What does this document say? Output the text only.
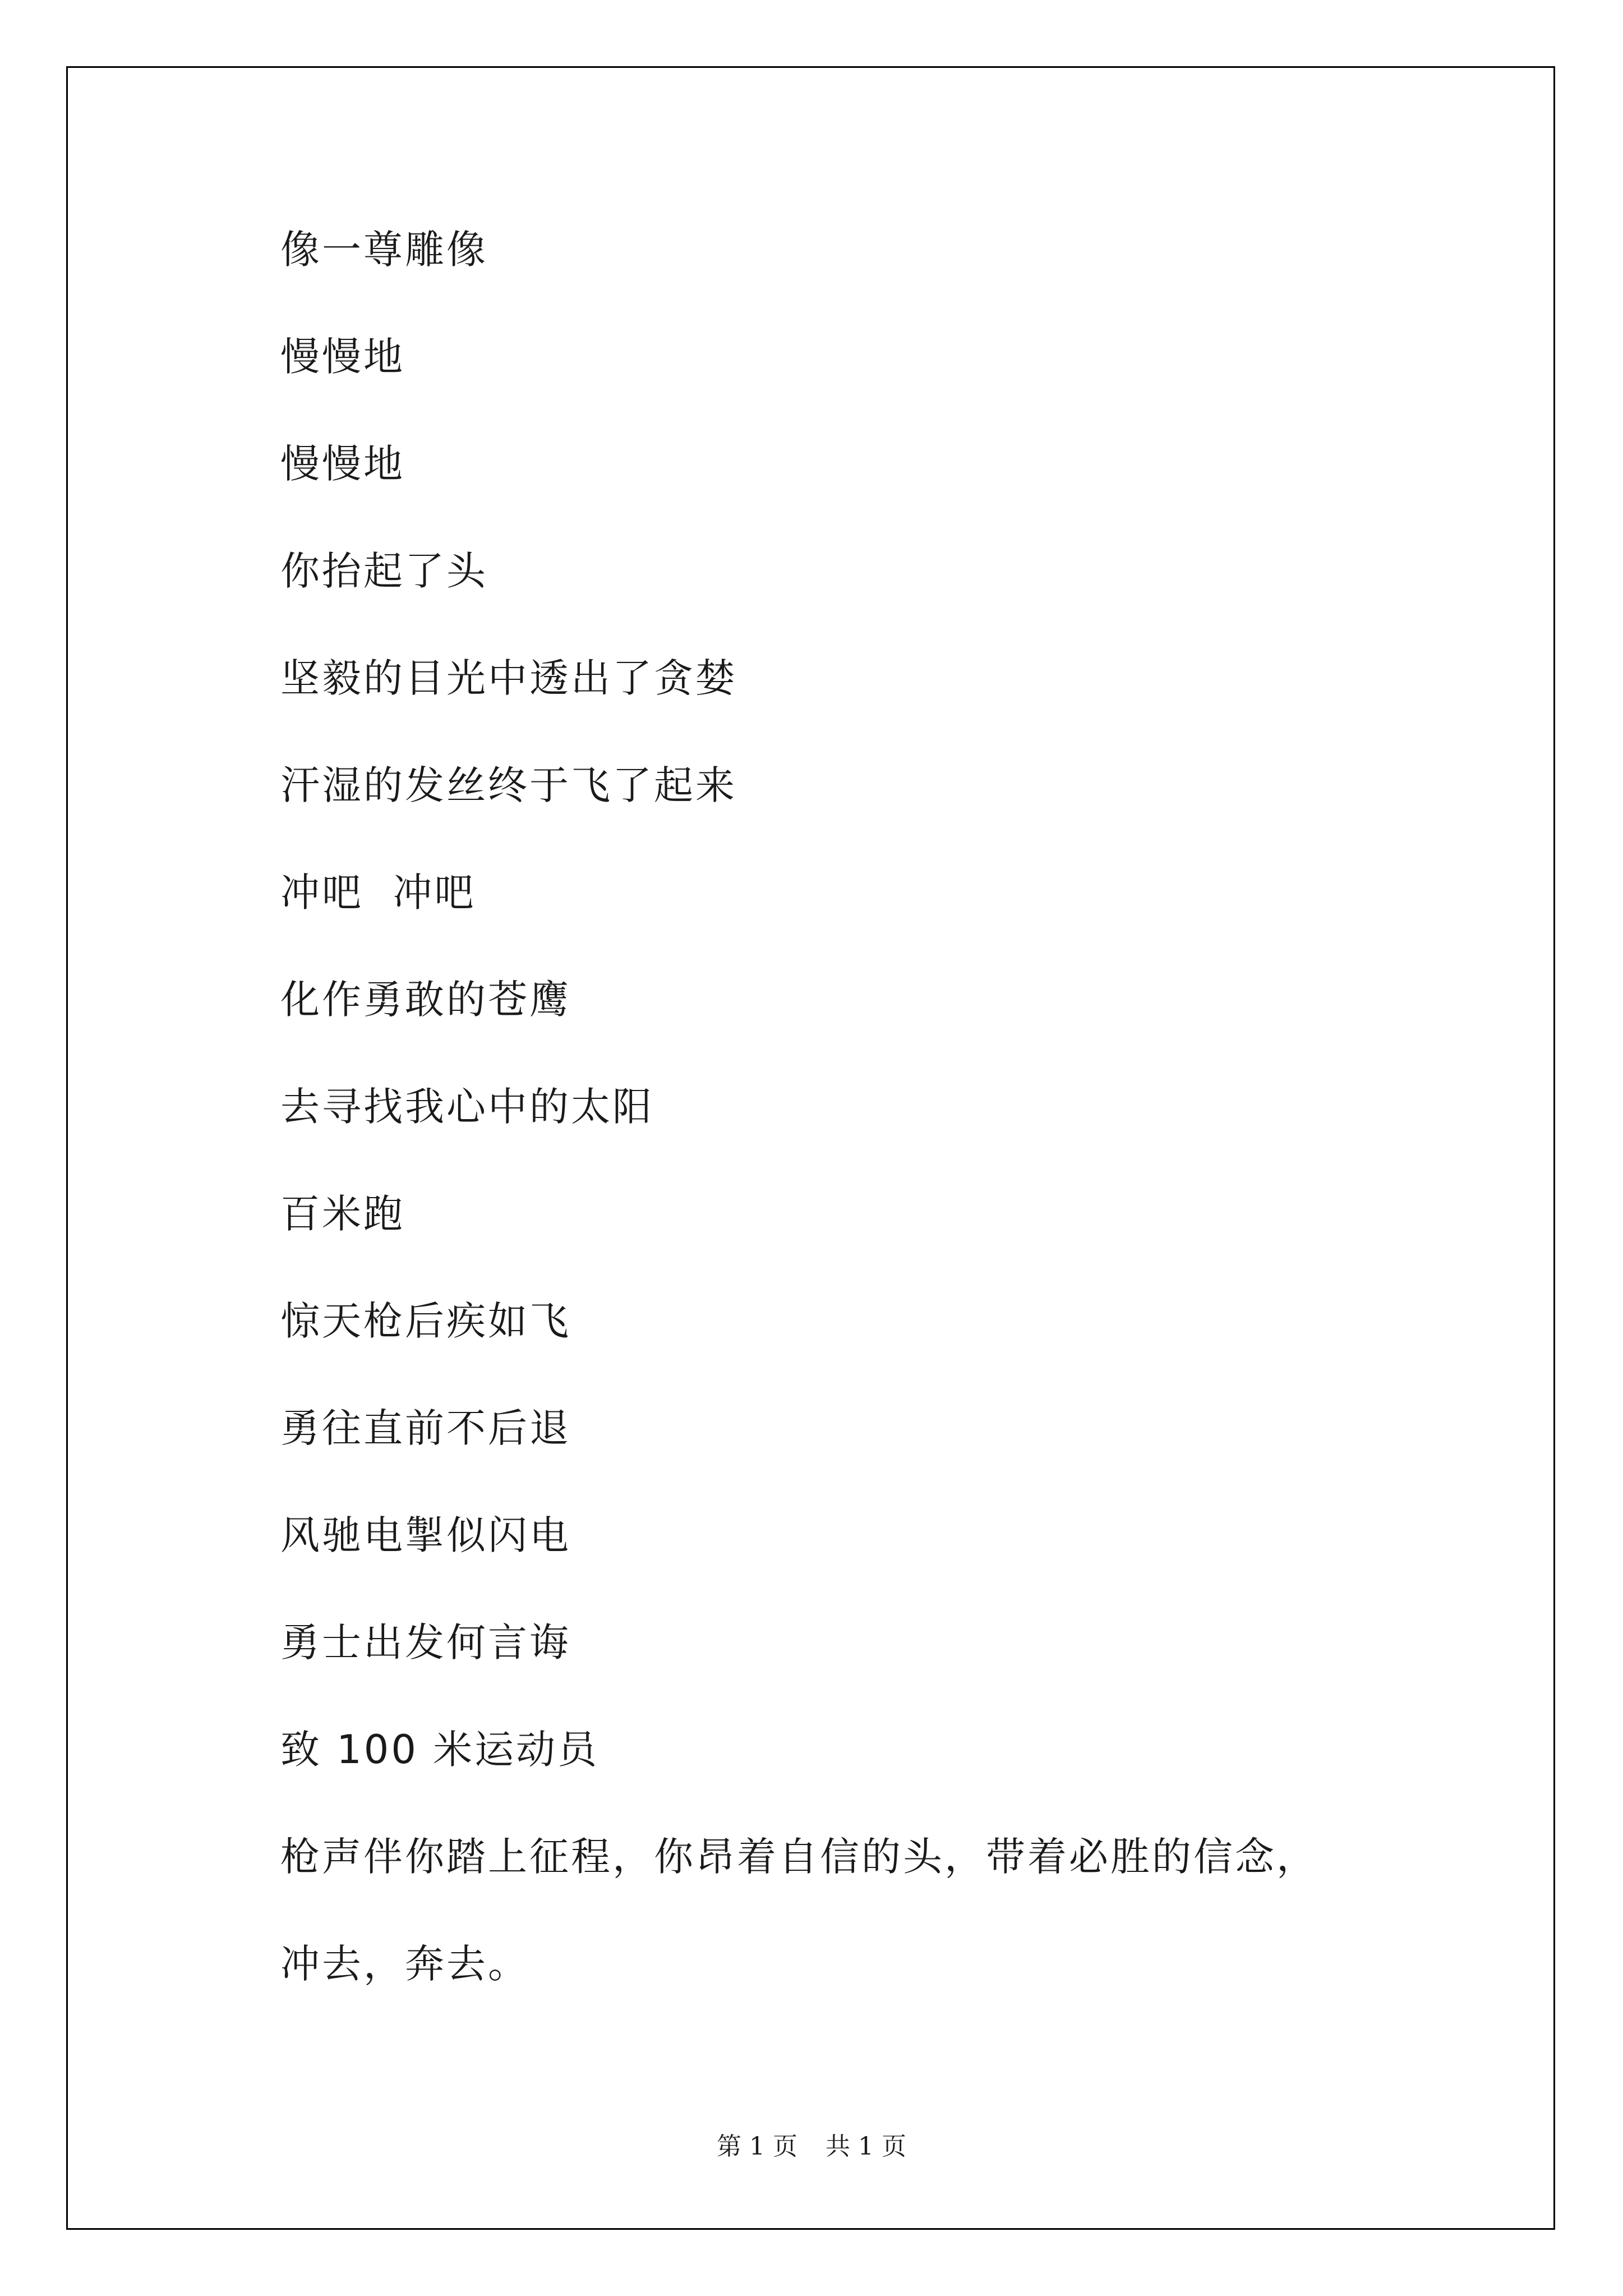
像一尊雕像
慢慢地
慢慢地
你抬起了头
坚毅的目光中透出了贪婪
汗湿的发丝终于飞了起来
冲吧  冲吧
化作勇敢的苍鹰
去寻找我心中的太阳
百米跑
惊天枪后疾如飞
勇往直前不后退
风驰电掣似闪电
勇士出发何言诲
致 100 米运动员
枪声伴你踏上征程，你昂着自信的头，带着必胜的信念，
冲去，奔去。
第 1 页 共 1 页
